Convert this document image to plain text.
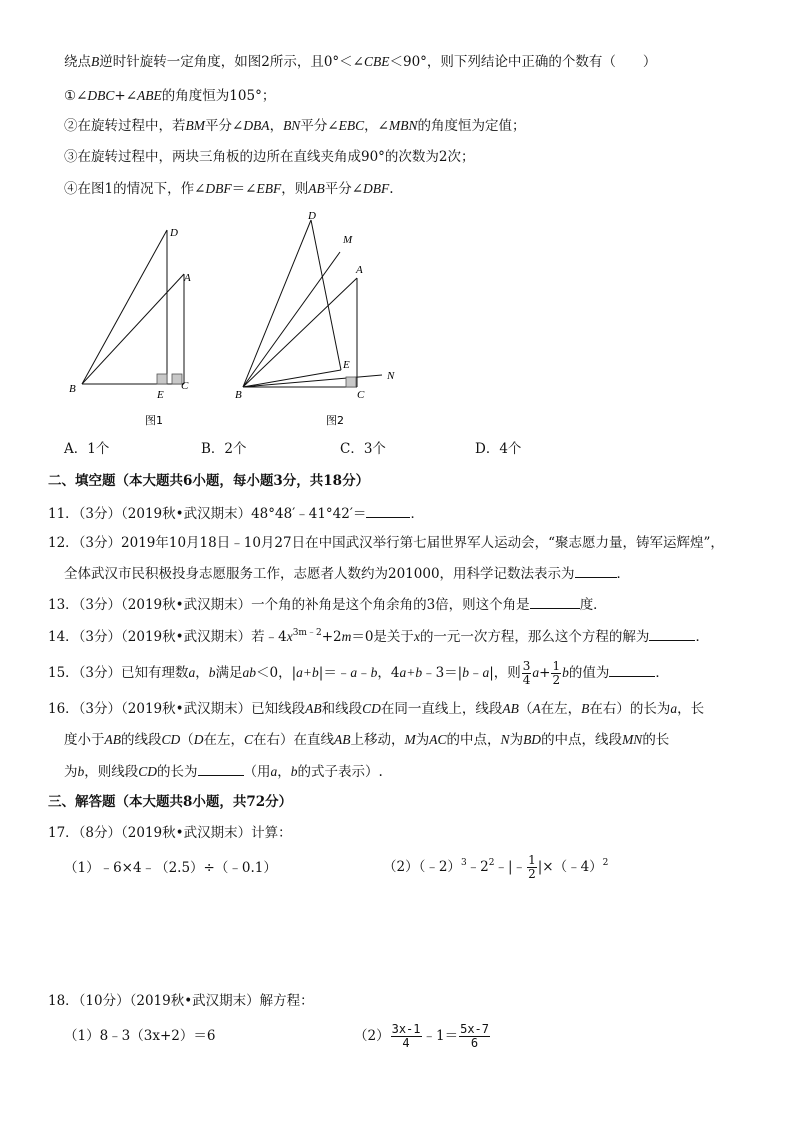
绕点B逆时针旋转一定角度，如图2所示，且0°＜∠CBE＜90°，则下列结论中正确的个数有（　　）
①∠DBC+∠ABE的角度恒为105°；
②在旋转过程中，若BM平分∠DBA，BN平分∠EBC，∠MBN的角度恒为定值；
③在旋转过程中，两块三角板的边所在直线夹角成90°的次数为2次；
④在图1的情况下，作∠DBF＝∠EBF，则AB平分∠DBF.
D
A
B	E
C
图1
D
M
A
E
N
B	C
图2
A．1个	B．2个	C．3个	D．4个
二、填空题（本大题共6小题，每小题3分，共18分）
11．（3分）（2019秋•武汉期末）48°48′﹣41°42′＝	．
12．（3分）2019年10月18日﹣10月27日在中国武汉举行第七届世界军人运动会，“聚志愿力量，铸军运辉煌”，
全体武汉市民积极投身志愿服务工作，志愿者人数约为201000，用科学记数法表示为	．
13．（3分）（2019秋•武汉期末）一个角的补角是这个角余角的3倍，则这个角是	度．
14．（3分）（2019秋•武汉期末）若$﹣4x^{3m﹣2}+2m=0$是关于x的一元一次方程，那么这个方程的解为	．
15．（3分）已知有理数a，b满足ab＜0，|a+b|＝﹣a﹣b，4a+b﹣3＝|b﹣a|，则 $\frac{3}{4} a+ \frac{1}{2}$ b的值为	．
16．（3分）（2019秋•武汉期末）已知线段AB和线段CD在同一直线上，线段AB（A在左，B在右）的长为a，长
度小于AB的线段CD（D在左，C在右）在直线AB上移动，M为AC的中点，N为BD的中点，线段MN的长
为b，则线段CD的长为	（用a，b的式子表示）.
三、解答题（本大题共8小题，共72分）
17．（8分）（2019秋•武汉期末）计算：
（1）﹣6×4﹣（2.5）÷（﹣0.1）	$(2)(﹣2)^3﹣2^2﹣|﹣ \frac{1}{2}$ |×（﹣4）$^2$
18．（10分）（2019秋•武汉期末）解方程：
（1）8﹣3（3x+2）＝6	$(2) \frac{3x-1}{4}$ ﹣1＝ $\frac{5x-7}{6}$
